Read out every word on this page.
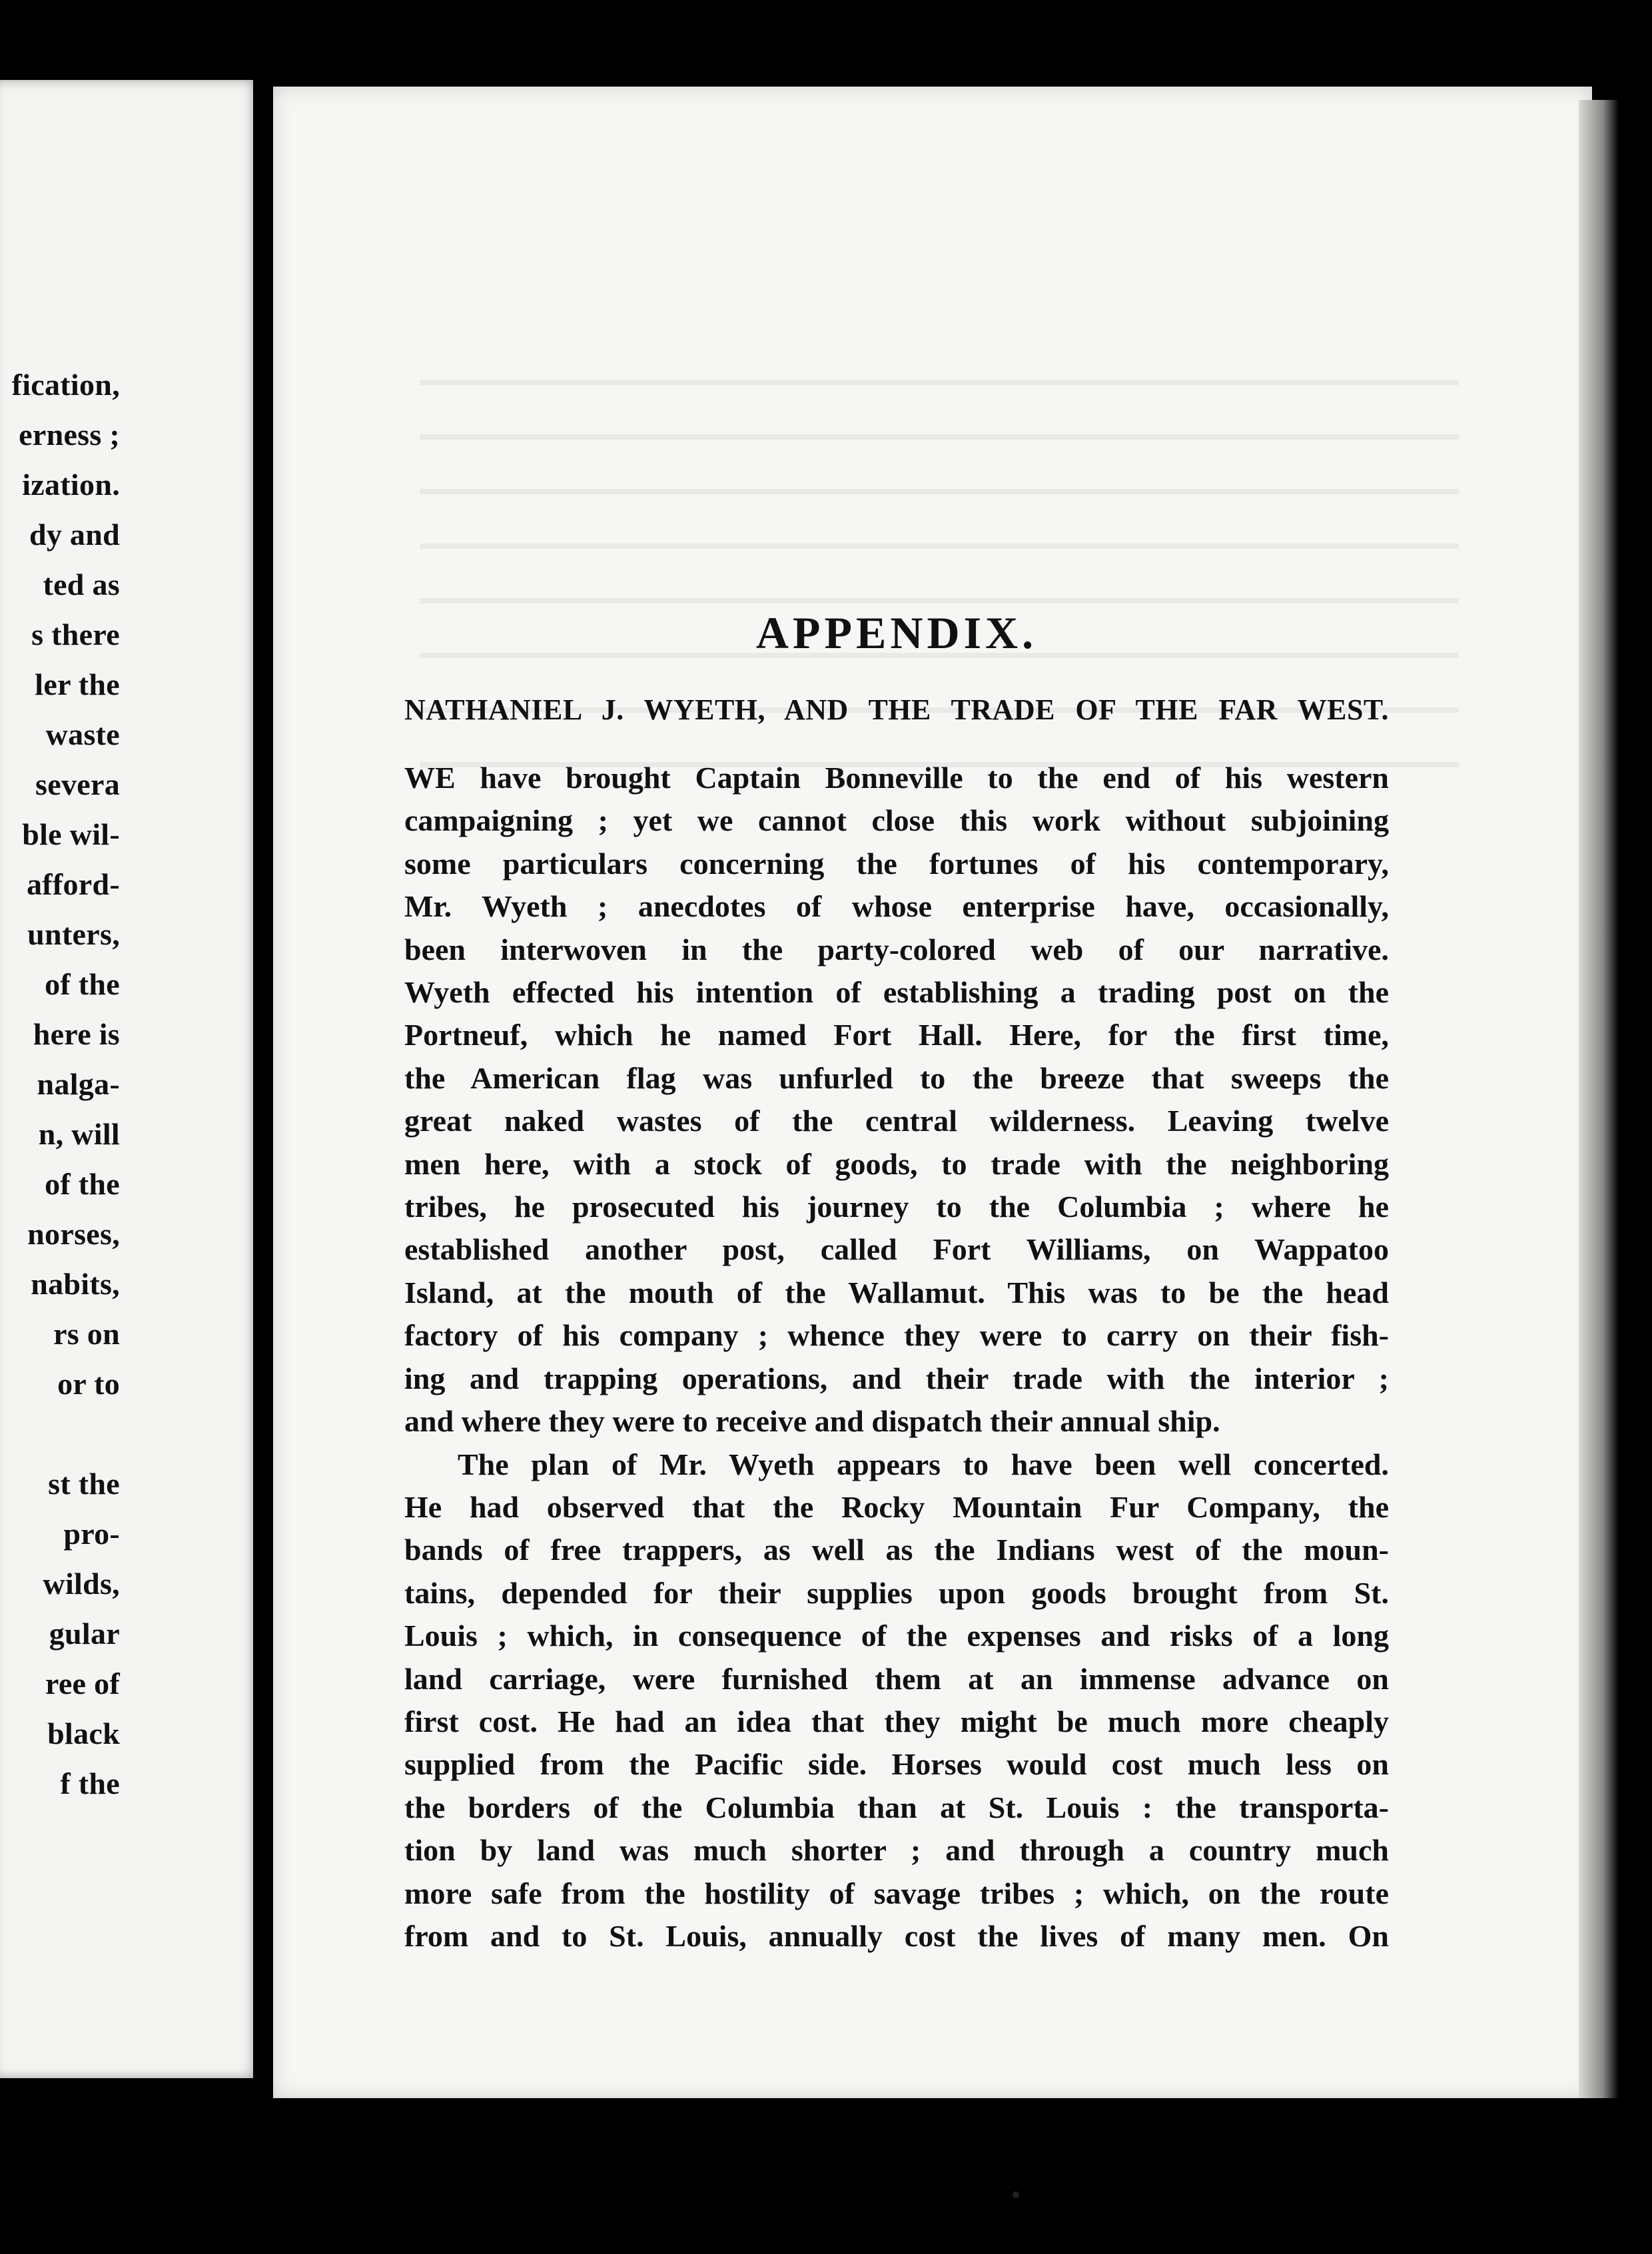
fication,
erness ;
ization.
dy and
ted as
s there
ler the
waste
severa
ble wil-
afford-
unters,
of the
here is
nalga-
n, will
of the
norses,
nabits,
rs on
or to
st the
pro-
wilds,
gular
ree of
black
f the
APPENDIX.
NATHANIEL J. WYETH, AND THE TRADE OF THE FAR WEST.
WE have brought Captain Bonneville to the end of his western
campaigning ; yet we cannot close this work without subjoining
some particulars concerning the fortunes of his contemporary,
Mr. Wyeth ; anecdotes of whose enterprise have, occasionally,
been interwoven in the party-colored web of our narrative.
Wyeth effected his intention of establishing a trading post on the
Portneuf, which he named Fort Hall. Here, for the first time,
the American flag was unfurled to the breeze that sweeps the
great naked wastes of the central wilderness. Leaving twelve
men here, with a stock of goods, to trade with the neighboring
tribes, he prosecuted his journey to the Columbia ; where he
established another post, called Fort Williams, on Wappatoo
Island, at the mouth of the Wallamut. This was to be the head
factory of his company ; whence they were to carry on their fish-
ing and trapping operations, and their trade with the interior ;
and where they were to receive and dispatch their annual ship.
The plan of Mr. Wyeth appears to have been well concerted.
He had observed that the Rocky Mountain Fur Company, the
bands of free trappers, as well as the Indians west of the moun-
tains, depended for their supplies upon goods brought from St.
Louis ; which, in consequence of the expenses and risks of a long
land carriage, were furnished them at an immense advance on
first cost. He had an idea that they might be much more cheaply
supplied from the Pacific side. Horses would cost much less on
the borders of the Columbia than at St. Louis : the transporta-
tion by land was much shorter ; and through a country much
more safe from the hostility of savage tribes ; which, on the route
from and to St. Louis, annually cost the lives of many men. On
